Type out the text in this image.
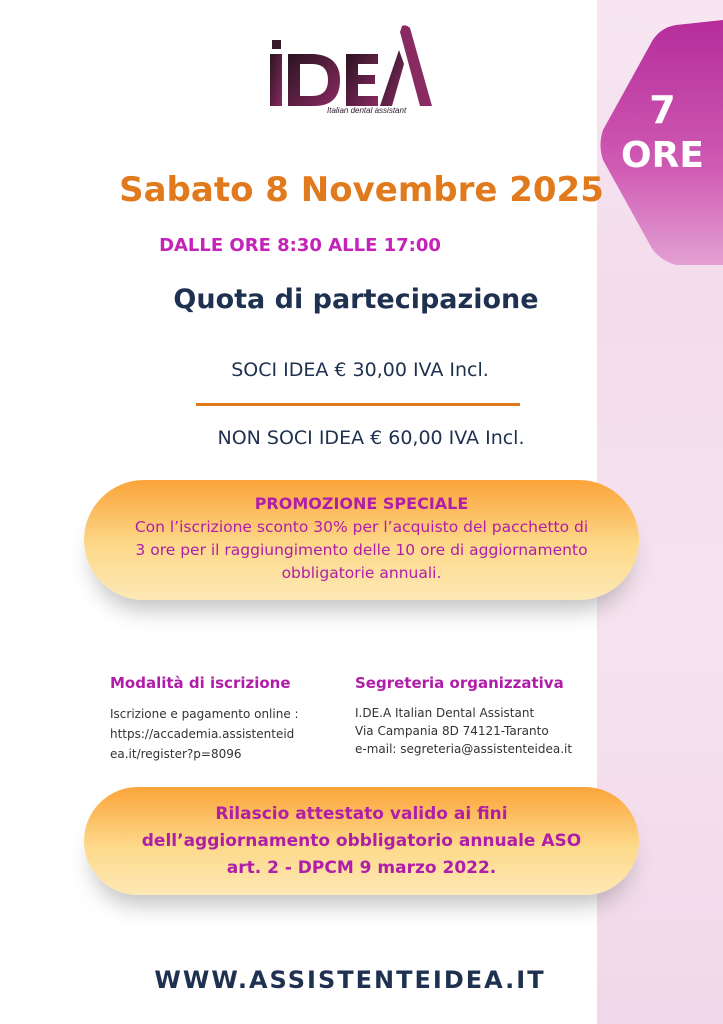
7
ORE
Italian dental assistant
Sabato 8 Novembre 2025
DALLE ORE 8:30 ALLE 17:00
Quota di partecipazione
SOCI IDEA € 30,00 IVA Incl.
NON SOCI IDEA € 60,00 IVA Incl.
PROMOZIONE SPECIALE
Con l’iscrizione sconto 30% per l’acquisto del pacchetto di
3 ore per il raggiungimento delle 10 ore di aggiornamento
obbligatorie annuali.
Modalità di iscrizione
Iscrizione e pagamento online :
https://accademia.assistenteid
ea.it/register?p=8096
Segreteria organizzativa
I.DE.A Italian Dental Assistant
Via Campania 8D 74121-Taranto
e-mail: segreteria@assistenteidea.it
Rilascio attestato valido ai fini
dell’aggiornamento obbligatorio annuale ASO
art. 2 - DPCM 9 marzo 2022.
WWW.ASSISTENTEIDEA.IT
